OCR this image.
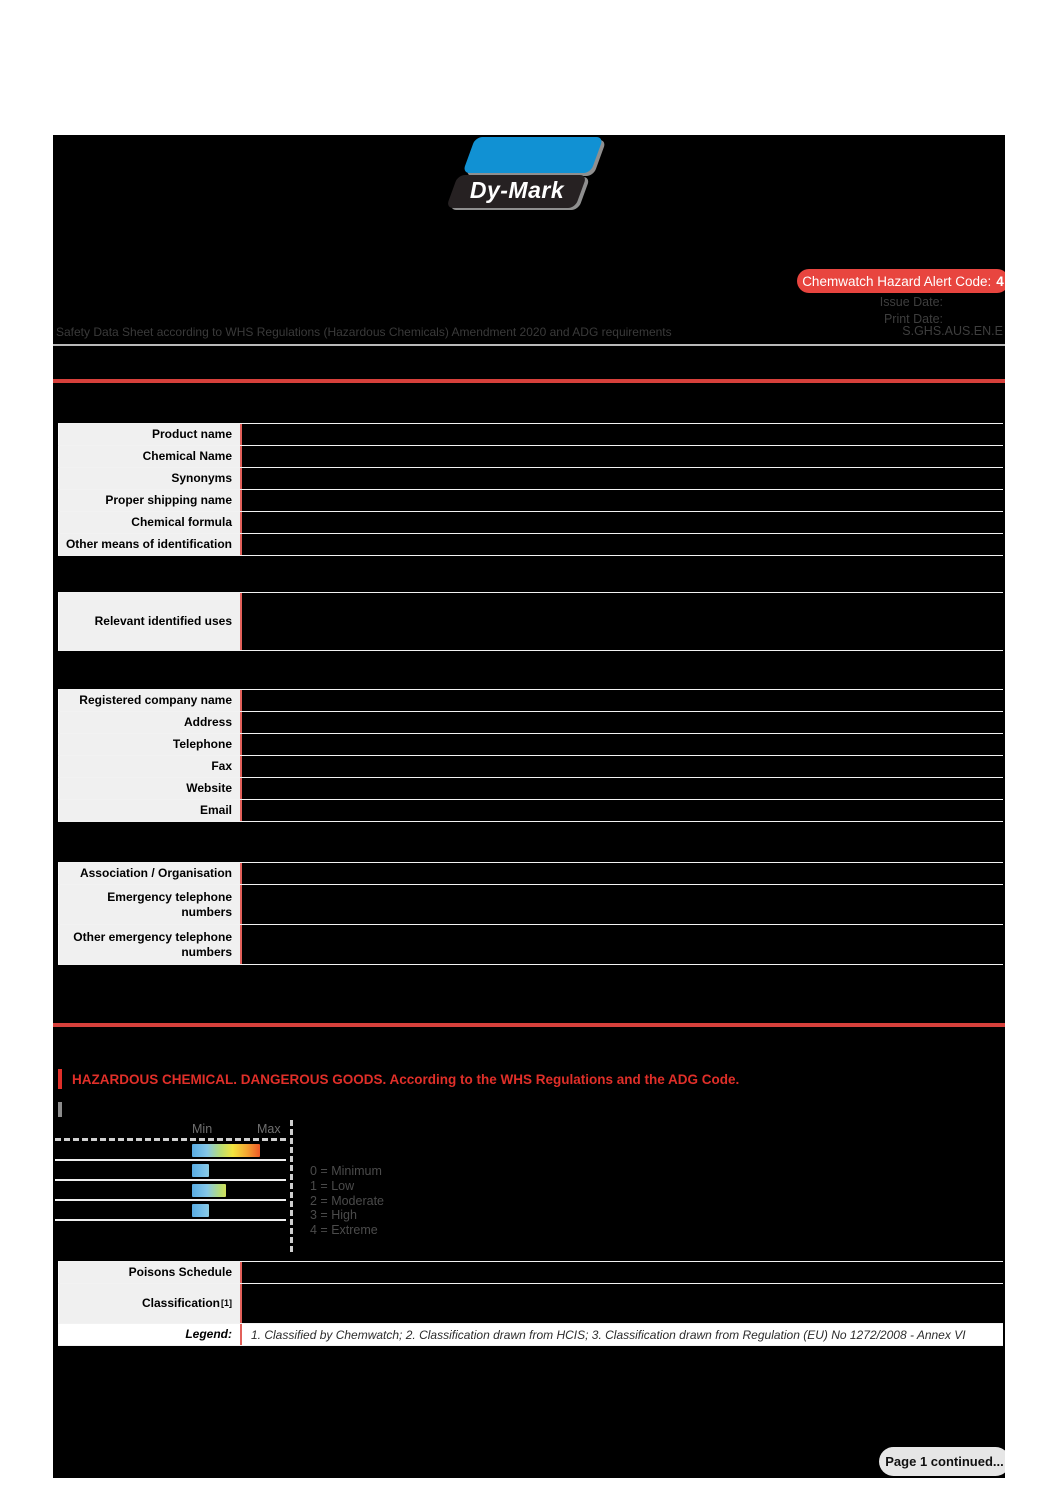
Dy-Mark
Chemwatch Hazard Alert Code: 4
Issue Date:
Print Date:
S.GHS.AUS.EN.E
Safety Data Sheet according to WHS Regulations (Hazardous Chemicals) Amendment 2020 and ADG requirements
Product name
Chemical Name
Synonyms
Proper shipping name
Chemical formula
Other means of identification
Relevant identified uses
Registered company name
Address
Telephone
Fax
Website
Email
Association / Organisation
Emergency telephone numbers
Other emergency telephone numbers
HAZARDOUS CHEMICAL. DANGEROUS GOODS. According to the WHS Regulations and the ADG Code.
Min	Max
0 = Minimum
1 = Low
2 = Moderate
3 = High
4 = Extreme
Poisons Schedule
Classification [1]
Legend:	1. Classified by Chemwatch; 2. Classification drawn from HCIS; 3. Classification drawn from Regulation (EU) No 1272/2008 - Annex VI
Page 1 continued...
